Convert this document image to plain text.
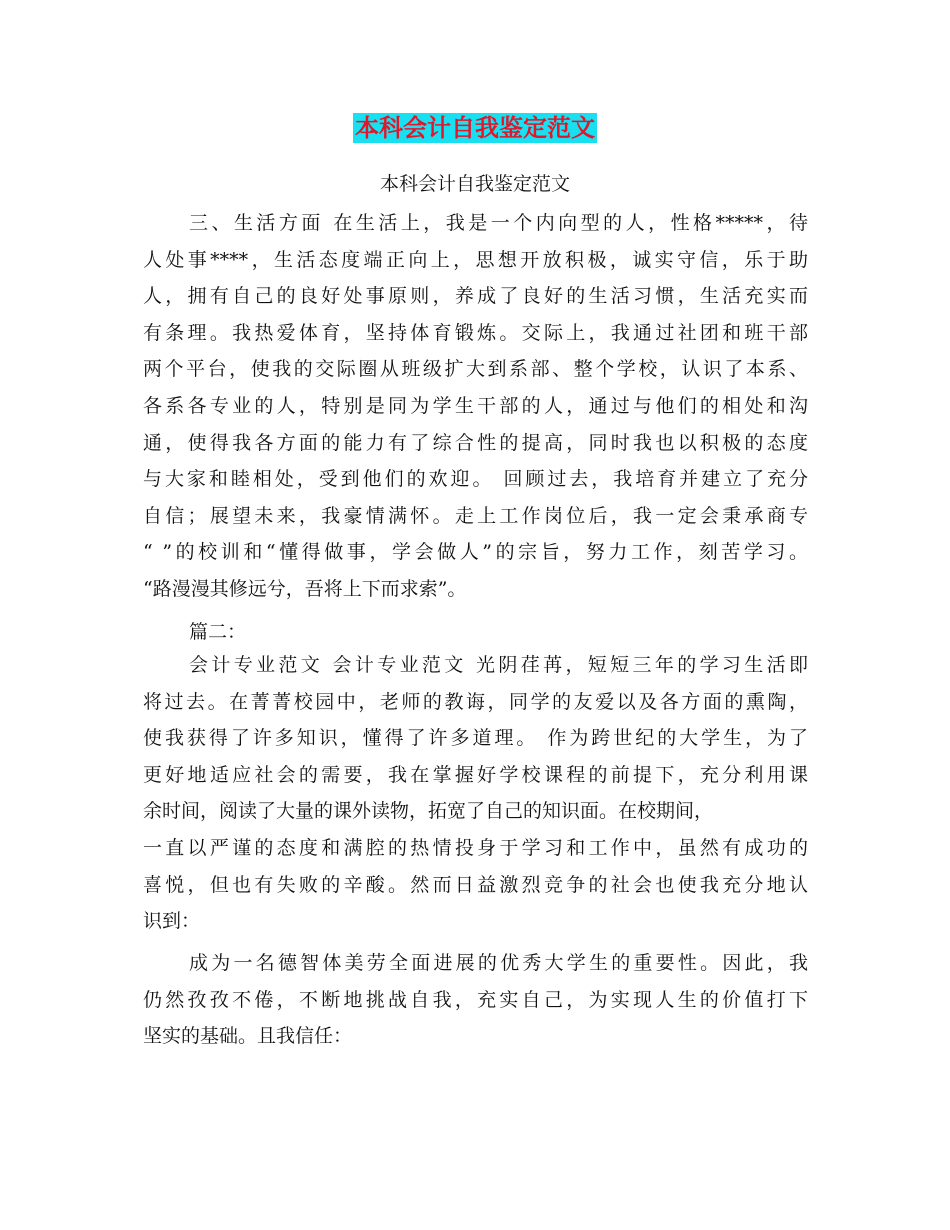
本科会计自我鉴定范文
本科会计自我鉴定范文
三、生活方面 在生活上，我是一个内向型的人，性格*****，待
人处事****，生活态度端正向上，思想开放积极，诚实守信，乐于助
人，拥有自己的良好处事原则，养成了良好的生活习惯，生活充实而
有条理。我热爱体育，坚持体育锻炼。交际上，我通过社团和班干部
两个平台，使我的交际圈从班级扩大到系部、整个学校，认识了本系、
各系各专业的人，特别是同为学生干部的人，通过与他们的相处和沟
通，使得我各方面的能力有了综合性的提高，同时我也以积极的态度
与大家和睦相处，受到他们的欢迎。 回顾过去，我培育并建立了充分
自信；展望未来，我豪情满怀。走上工作岗位后，我一定会秉承商专
“ ”的校训和“懂得做事，学会做人”的宗旨，努力工作，刻苦学习。
“路漫漫其修远兮，吾将上下而求索”。
篇二：
会计专业范文 会计专业范文 光阴荏苒，短短三年的学习生活即
将过去。在菁菁校园中，老师的教诲，同学的友爱以及各方面的熏陶，
使我获得了许多知识，懂得了许多道理。 作为跨世纪的大学生，为了
更好地适应社会的需要，我在掌握好学校课程的前提下，充分利用课
余时间，阅读了大量的课外读物，拓宽了自己的知识面。在校期间，
一直以严谨的态度和满腔的热情投身于学习和工作中，虽然有成功的
喜悦，但也有失败的辛酸。然而日益激烈竞争的社会也使我充分地认
识到：
成为一名德智体美劳全面进展的优秀大学生的重要性。因此，我
仍然孜孜不倦，不断地挑战自我，充实自己，为实现人生的价值打下
坚实的基础。且我信任：
